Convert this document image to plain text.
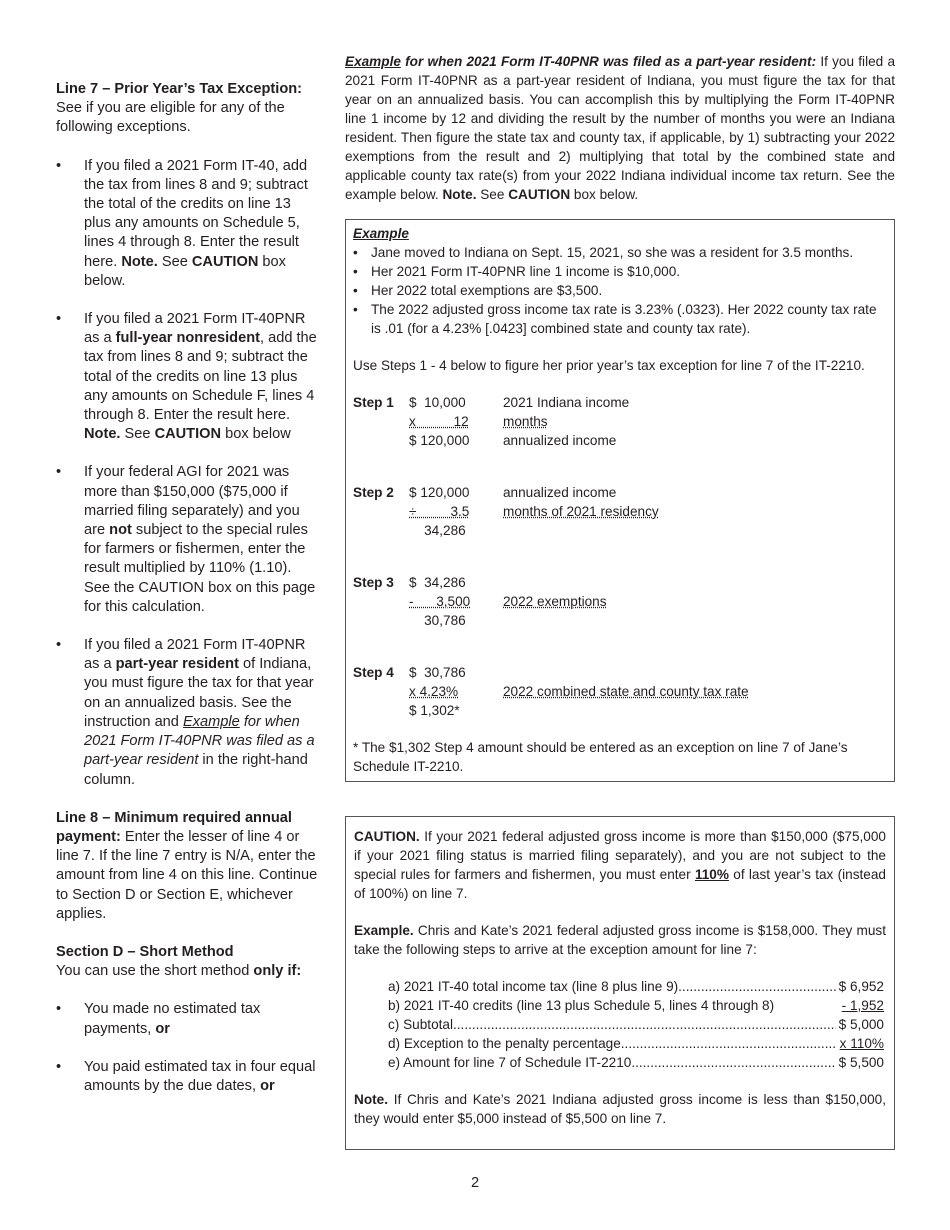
Line 7 – Prior Year’s Tax Exception: See if you are eligible for any of the following exceptions.

• If you filed a 2021 Form IT-40, add the tax from lines 8 and 9; subtract the total of the credits on line 13 plus any amounts on Schedule 5, lines 4 through 8. Enter the result here. Note. See CAUTION box below.
• If you filed a 2021 Form IT-40PNR as a full-year nonresident, add the tax from lines 8 and 9; subtract the total of the credits on line 13 plus any amounts on Schedule F, lines 4 through 8. Enter the result here. Note. See CAUTION box below
• If your federal AGI for 2021 was more than $150,000 ($75,000 if married filing separately) and you are not subject to the special rules for farmers or fishermen, enter the result multiplied by 110% (1.10). See the CAUTION box on this page for this calculation.
• If you filed a 2021 Form IT-40PNR as a part-year resident of Indiana, you must figure the tax for that year on an annualized basis. See the instruction and Example for when 2021 Form IT-40PNR was filed as a part-year resident in the right-hand column.

Line 8 – Minimum required annual payment: Enter the lesser of line 4 or line 7. If the line 7 entry is N/A, enter the amount from line 4 on this line. Continue to Section D or Section E, whichever applies.

Section D – Short Method
You can use the short method only if:

• You made no estimated tax payments, or
• You paid estimated tax in four equal amounts by the due dates, or

Example for when 2021 Form IT-40PNR was filed as a part-year resident: If you filed a 2021 Form IT-40PNR as a part-year resident of Indiana, you must figure the tax for that year on an annualized basis. You can accomplish this by multiplying the Form IT-40PNR line 1 income by 12 and dividing the result by the number of months you were an Indiana resident. Then figure the state tax and county tax, if applicable, by 1) subtracting your 2022 exemptions from the result and 2) multiplying that total by the combined state and applicable county tax rate(s) from your 2022 Indiana individual income tax return. See the example below. Note. See CAUTION box below.

Example
• Jane moved to Indiana on Sept. 15, 2021, so she was a resident for 3.5 months.
• Her 2021 Form IT-40PNR line 1 income is $10,000.
• Her 2022 total exemptions are $3,500.
• The 2022 adjusted gross income tax rate is 3.23% (.0323). Her 2022 county tax rate is .01 (for a 4.23% [.0423] combined state and county tax rate).
Use Steps 1 - 4 below to figure her prior year’s tax exception for line 7 of the IT-2210.
Step 1	$  10,000	2021 Indiana income
x          12	months
$ 120,000	annualized income
Step 2	$ 120,000	annualized income
÷         3.5	months of 2021 residency
34,286
Step 3	$  34,286
-      3,500	2022 exemptions
30,786
Step 4	$  30,786
x 4.23%	2022 combined state and county tax rate
$ 1,302*
* The $1,302 Step 4 amount should be entered as an exception on line 7 of Jane’s Schedule IT-2210.

CAUTION. If your 2021 federal adjusted gross income is more than $150,000 ($75,000 if your 2021 filing status is married filing separately), and you are not subject to the special rules for farmers and fishermen, you must enter 110% of last year’s tax (instead of 100%) on line 7.

Example. Chris and Kate’s 2021 federal adjusted gross income is $158,000. They must take the following steps to arrive at the exception amount for line 7:

a) 2021 IT-40 total income tax (line 8 plus line 9) .....	$ 6,952
b) 2021 IT-40 credits (line 13 plus Schedule 5, lines 4 through 8)	- 1,952
c) Subtotal .....	$ 5,000
d) Exception to the penalty percentage .....	x 110%
e) Amount for line 7 of Schedule IT-2210 .....	$ 5,500

Note. If Chris and Kate’s 2021 Indiana adjusted gross income is less than $150,000, they would enter $5,000 instead of $5,500 on line 7.

2
